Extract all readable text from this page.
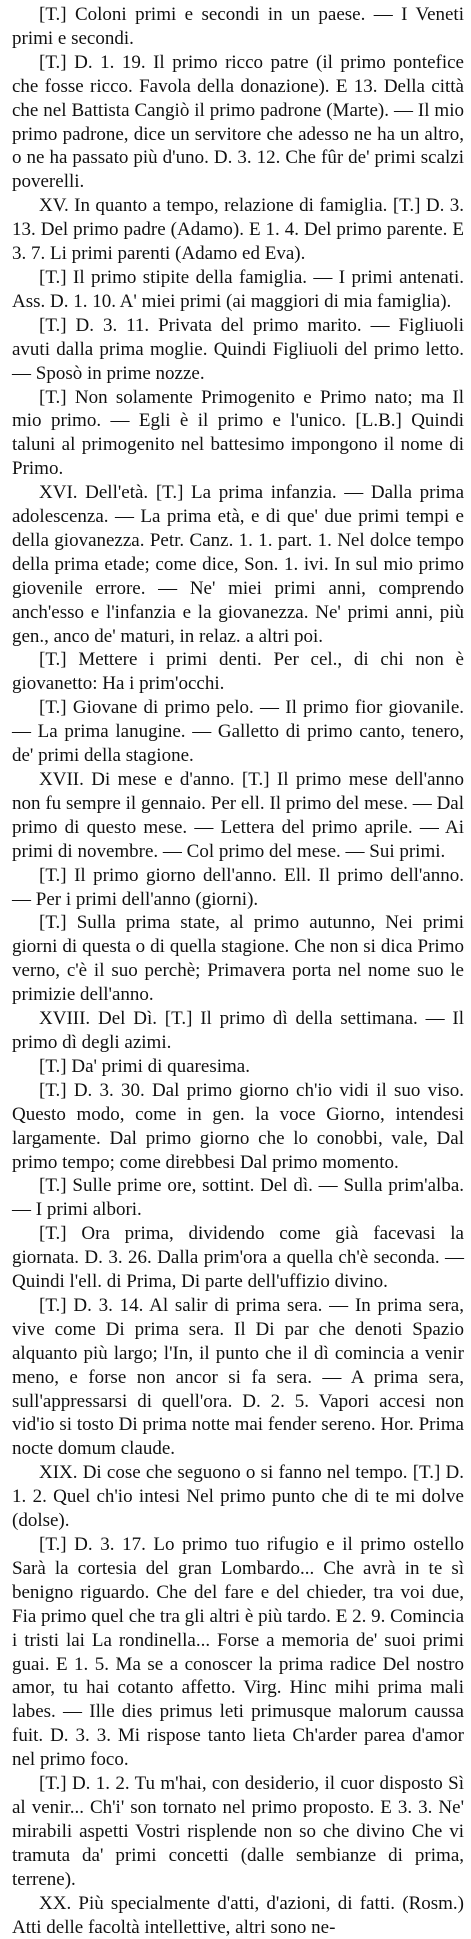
[T.] Coloni primi e secondi in un paese. — I Veneti primi e secondi.

[T.] D. 1. 19. Il primo ricco patre (il primo pontefice che fosse ricco. Favola della donazione). E 13. Della città che nel Battista Cangiò il primo padrone (Marte). — Il mio primo padrone, dice un servitore che adesso ne ha un altro, o ne ha passato più d'uno. D. 3. 12. Che fûr de' primi scalzi poverelli.

XV. In quanto a tempo, relazione di famiglia. [T.] D. 3. 13. Del primo padre (Adamo). E 1. 4. Del primo parente. E 3. 7. Li primi parenti (Adamo ed Eva).

[T.] Il primo stipite della famiglia. — I primi antenati. Ass. D. 1. 10. A' miei primi (ai maggiori di mia famiglia).

[T.] D. 3. 11. Privata del primo marito. — Figliuoli avuti dalla prima moglie. Quindi Figliuoli del primo letto. — Sposò in prime nozze.

[T.] Non solamente Primogenito e Primo nato; ma Il mio primo. — Egli è il primo e l'unico. [L.B.] Quindi taluni al primogenito nel battesimo impongono il nome di Primo.

XVI. Dell'età. [T.] La prima infanzia. — Dalla prima adolescenza. — La prima età, e di que' due primi tempi e della giovanezza. Petr. Canz. 1. 1. part. 1. Nel dolce tempo della prima etade; come dice, Son. 1. ivi. In sul mio primo giovenile errore. — Ne' miei primi anni, comprendo anch'esso e l'infanzia e la giovanezza. Ne' primi anni, più gen., anco de' maturi, in relaz. a altri poi.

[T.] Mettere i primi denti. Per cel., di chi non è giovanetto: Ha i prim'occhi.

[T.] Giovane di primo pelo. — Il primo fior giovanile. — La prima lanugine. — Galletto di primo canto, tenero, de' primi della stagione.

XVII. Di mese e d'anno. [T.] Il primo mese dell'anno non fu sempre il gennaio. Per ell. Il primo del mese. — Dal primo di questo mese. — Lettera del primo aprile. — Ai primi di novembre. — Col primo del mese. — Sui primi.

[T.] Il primo giorno dell'anno. Ell. Il primo dell'anno. — Per i primi dell'anno (giorni).

[T.] Sulla prima state, al primo autunno, Nei primi giorni di questa o di quella stagione. Che non si dica Primo verno, c'è il suo perchè; Primavera porta nel nome suo le primizie dell'anno.

XVIII. Del Dì. [T.] Il primo dì della settimana. — Il primo dì degli azimi.

[T.] Da' primi di quaresima.

[T.] D. 3. 30. Dal primo giorno ch'io vidi il suo viso. Questo modo, come in gen. la voce Giorno, intendesi largamente. Dal primo giorno che lo conobbi, vale, Dal primo tempo; come direbbesi Dal primo momento.

[T.] Sulle prime ore, sottint. Del dì. — Sulla prim'alba. — I primi albori.

[T.] Ora prima, dividendo come già facevasi la giornata. D. 3. 26. Dalla prim'ora a quella ch'è seconda. — Quindi l'ell. di Prima, Di parte dell'uffizio divino.

[T.] D. 3. 14. Al salir di prima sera. — In prima sera, vive come Di prima sera. Il Di par che denoti Spazio alquanto più largo; l'In, il punto che il dì comincia a venir meno, e forse non ancor si fa sera. — A prima sera, sull'appressarsi di quell'ora. D. 2. 5. Vapori accesi non vid'io si tosto Di prima notte mai fender sereno. Hor. Prima nocte domum claude.

XIX. Di cose che seguono o si fanno nel tempo. [T.] D. 1. 2. Quel ch'io intesi Nel primo punto che di te mi dolve (dolse).

[T.] D. 3. 17. Lo primo tuo rifugio e il primo ostello Sarà la cortesia del gran Lombardo... Che avrà in te sì benigno riguardo. Che del fare e del chieder, tra voi due, Fia primo quel che tra gli altri è più tardo. E 2. 9. Comincia i tristi lai La rondinella... Forse a memoria de' suoi primi guai. E 1. 5. Ma se a conoscer la prima radice Del nostro amor, tu hai cotanto affetto. Virg. Hinc mihi prima mali labes. — Ille dies primus leti primusque malorum caussa fuit. D. 3. 3. Mi rispose tanto lieta Ch'arder parea d'amor nel primo foco.

[T.] D. 1. 2. Tu m'hai, con desiderio, il cuor disposto Sì al venir... Ch'i' son tornato nel primo proposto. E 3. 3. Ne' mirabili aspetti Vostri risplende non so che divino Che vi tramuta da' primi concetti (dalle sembianze di prima, terrene).

XX. Più specialmente d'atti, d'azioni, di fatti. (Rosm.) Atti delle facoltà intellettive, altri sono ne-
